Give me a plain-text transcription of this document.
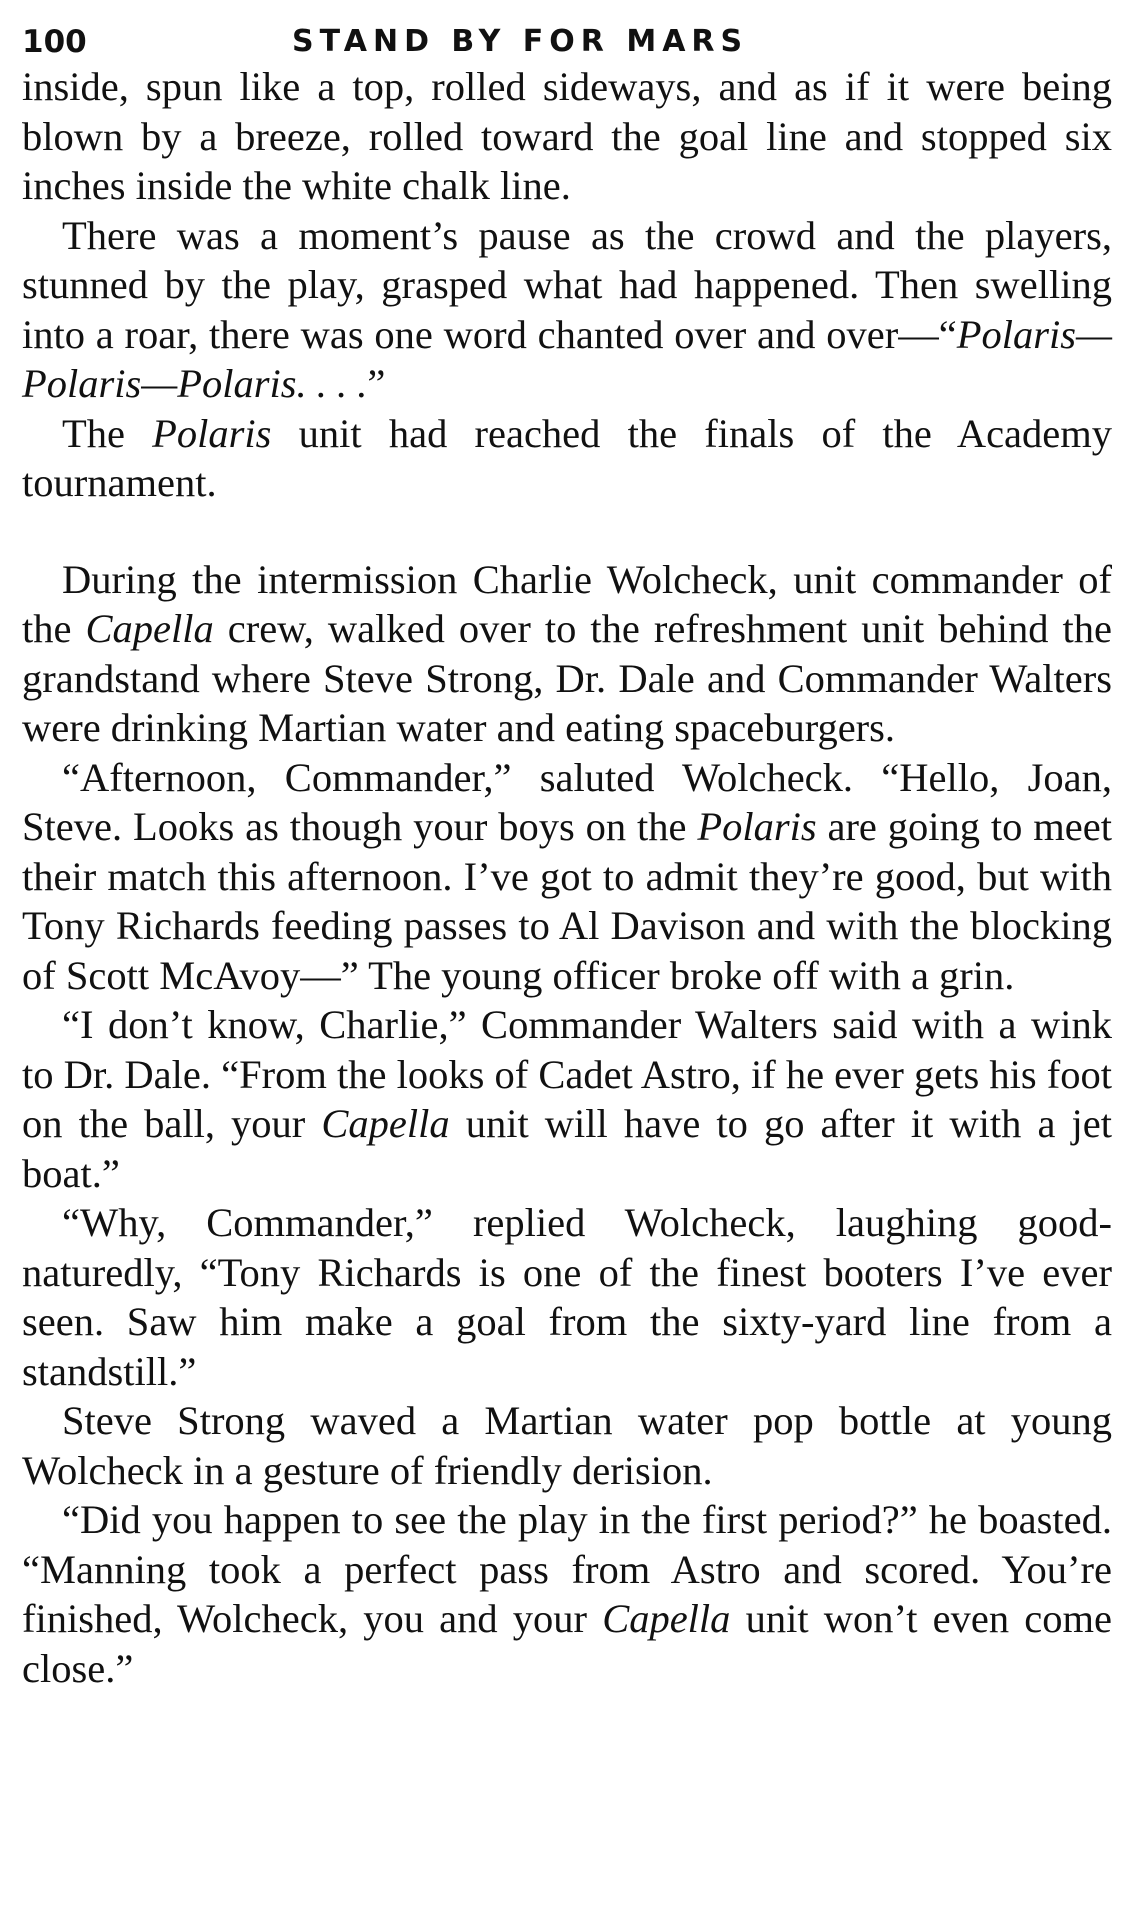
100	STAND BY FOR MARS

inside, spun like a top, rolled sideways, and as if it were being blown by a breeze, rolled toward the goal line and stopped six inches inside the white chalk line.

There was a moment’s pause as the crowd and the players, stunned by the play, grasped what had happened. Then swelling into a roar, there was one word chanted over and over—“Polaris—Polaris—Polaris. . . .”

The Polaris unit had reached the finals of the Academy tournament.

During the intermission Charlie Wolcheck, unit commander of the Capella crew, walked over to the refreshment unit behind the grandstand where Steve Strong, Dr. Dale and Commander Walters were drinking Martian water and eating spaceburgers.

“Afternoon, Commander,” saluted Wolcheck. “Hello, Joan, Steve. Looks as though your boys on the Polaris are going to meet their match this afternoon. I’ve got to admit they’re good, but with Tony Richards feeding passes to Al Davison and with the blocking of Scott McAvoy—” The young officer broke off with a grin.

“I don’t know, Charlie,” Commander Walters said with a wink to Dr. Dale. “From the looks of Cadet Astro, if he ever gets his foot on the ball, your Capella unit will have to go after it with a jet boat.”

“Why, Commander,” replied Wolcheck, laughing good-naturedly, “Tony Richards is one of the finest booters I’ve ever seen. Saw him make a goal from the sixty-yard line from a standstill.”

Steve Strong waved a Martian water pop bottle at young Wolcheck in a gesture of friendly derision.

“Did you happen to see the play in the first period?” he boasted. “Manning took a perfect pass from Astro and scored. You’re finished, Wolcheck, you and your Capella unit won’t even come close.”
